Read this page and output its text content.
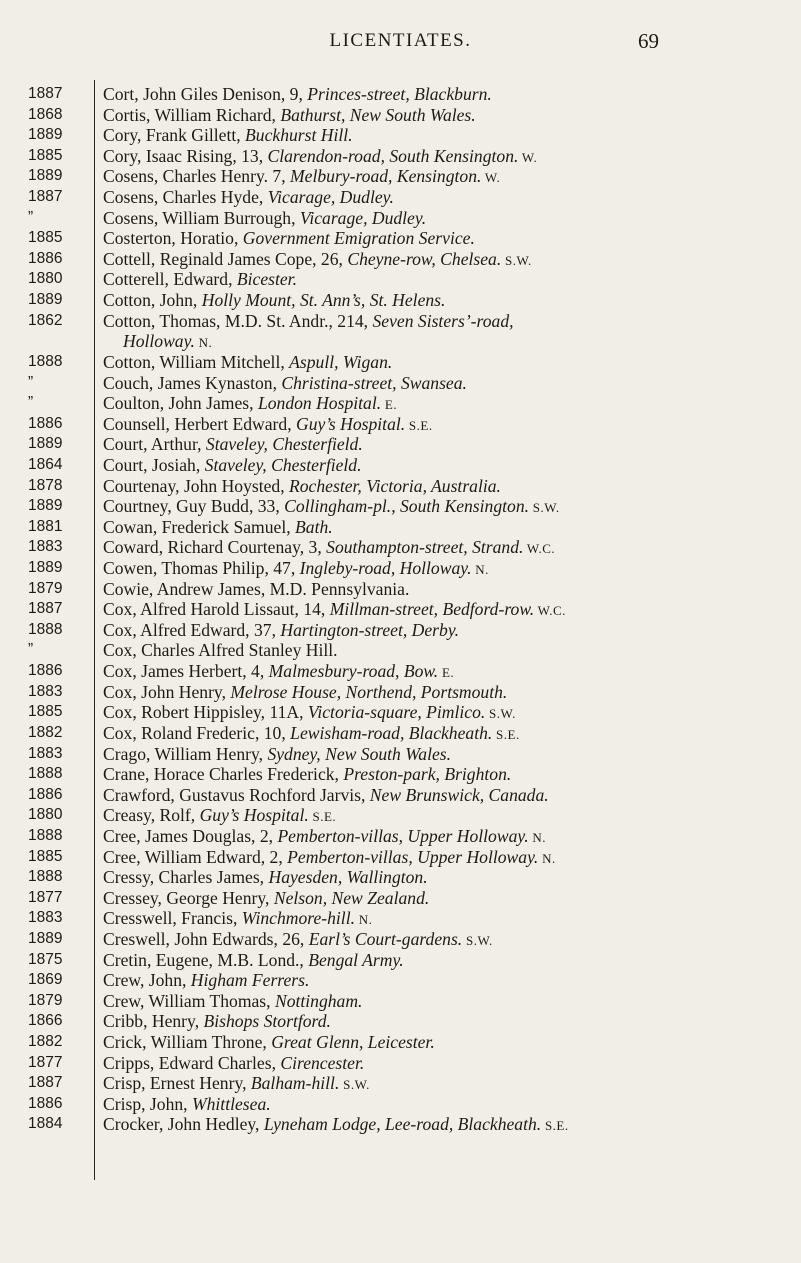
LICENTIATES.	69
1887	Cort, John Giles Denison, 9, Princes-street, Blackburn.
1868	Cortis, William Richard, Bathurst, New South Wales.
1889	Cory, Frank Gillett, Buckhurst Hill.
1885	Cory, Isaac Rising, 13, Clarendon-road, South Kensington. W.
1889	Cosens, Charles Henry. 7, Melbury-road, Kensington. W.
1887	Cosens, Charles Hyde, Vicarage, Dudley.
”	Cosens, William Burrough, Vicarage, Dudley.
1885	Costerton, Horatio, Government Emigration Service.
1886	Cottell, Reginald James Cope, 26, Cheyne-row, Chelsea. S.W.
1880	Cotterell, Edward, Bicester.
1889	Cotton, John, Holly Mount, St. Ann’s, St. Helens.
1862	Cotton, Thomas, M.D. St. Andr., 214, Seven Sisters’-road,
Holloway. N.
1888	Cotton, William Mitchell, Aspull, Wigan.
”	Couch, James Kynaston, Christina-street, Swansea.
”	Coulton, John James, London Hospital. E.
1886	Counsell, Herbert Edward, Guy’s Hospital. S.E.
1889	Court, Arthur, Staveley, Chesterfield.
1864	Court, Josiah, Staveley, Chesterfield.
1878	Courtenay, John Hoysted, Rochester, Victoria, Australia.
1889	Courtney, Guy Budd, 33, Collingham-pl., South Kensington. S.W.
1881	Cowan, Frederick Samuel, Bath.
1883	Coward, Richard Courtenay, 3, Southampton-street, Strand. W.C.
1889	Cowen, Thomas Philip, 47, Ingleby-road, Holloway. N.
1879	Cowie, Andrew James, M.D. Pennsylvania.
1887	Cox, Alfred Harold Lissaut, 14, Millman-street, Bedford-row. W.C.
1888	Cox, Alfred Edward, 37, Hartington-street, Derby.
”	Cox, Charles Alfred Stanley Hill.
1886	Cox, James Herbert, 4, Malmesbury-road, Bow. E.
1883	Cox, John Henry, Melrose House, Northend, Portsmouth.
1885	Cox, Robert Hippisley, 11A, Victoria-square, Pimlico. S.W.
1882	Cox, Roland Frederic, 10, Lewisham-road, Blackheath. S.E.
1883	Crago, William Henry, Sydney, New South Wales.
1888	Crane, Horace Charles Frederick, Preston-park, Brighton.
1886	Crawford, Gustavus Rochford Jarvis, New Brunswick, Canada.
1880	Creasy, Rolf, Guy’s Hospital. S.E.
1888	Cree, James Douglas, 2, Pemberton-villas, Upper Holloway. N.
1885	Cree, William Edward, 2, Pemberton-villas, Upper Holloway. N.
1888	Cressy, Charles James, Hayesden, Wallington.
1877	Cressey, George Henry, Nelson, New Zealand.
1883	Cresswell, Francis, Winchmore-hill. N.
1889	Creswell, John Edwards, 26, Earl’s Court-gardens. S.W.
1875	Cretin, Eugene, M.B. Lond., Bengal Army.
1869	Crew, John, Higham Ferrers.
1879	Crew, William Thomas, Nottingham.
1866	Cribb, Henry, Bishops Stortford.
1882	Crick, William Throne, Great Glenn, Leicester.
1877	Cripps, Edward Charles, Cirencester.
1887	Crisp, Ernest Henry, Balham-hill. S.W.
1886	Crisp, John, Whittlesea.
1884	Crocker, John Hedley, Lyneham Lodge, Lee-road, Blackheath. S.E.
